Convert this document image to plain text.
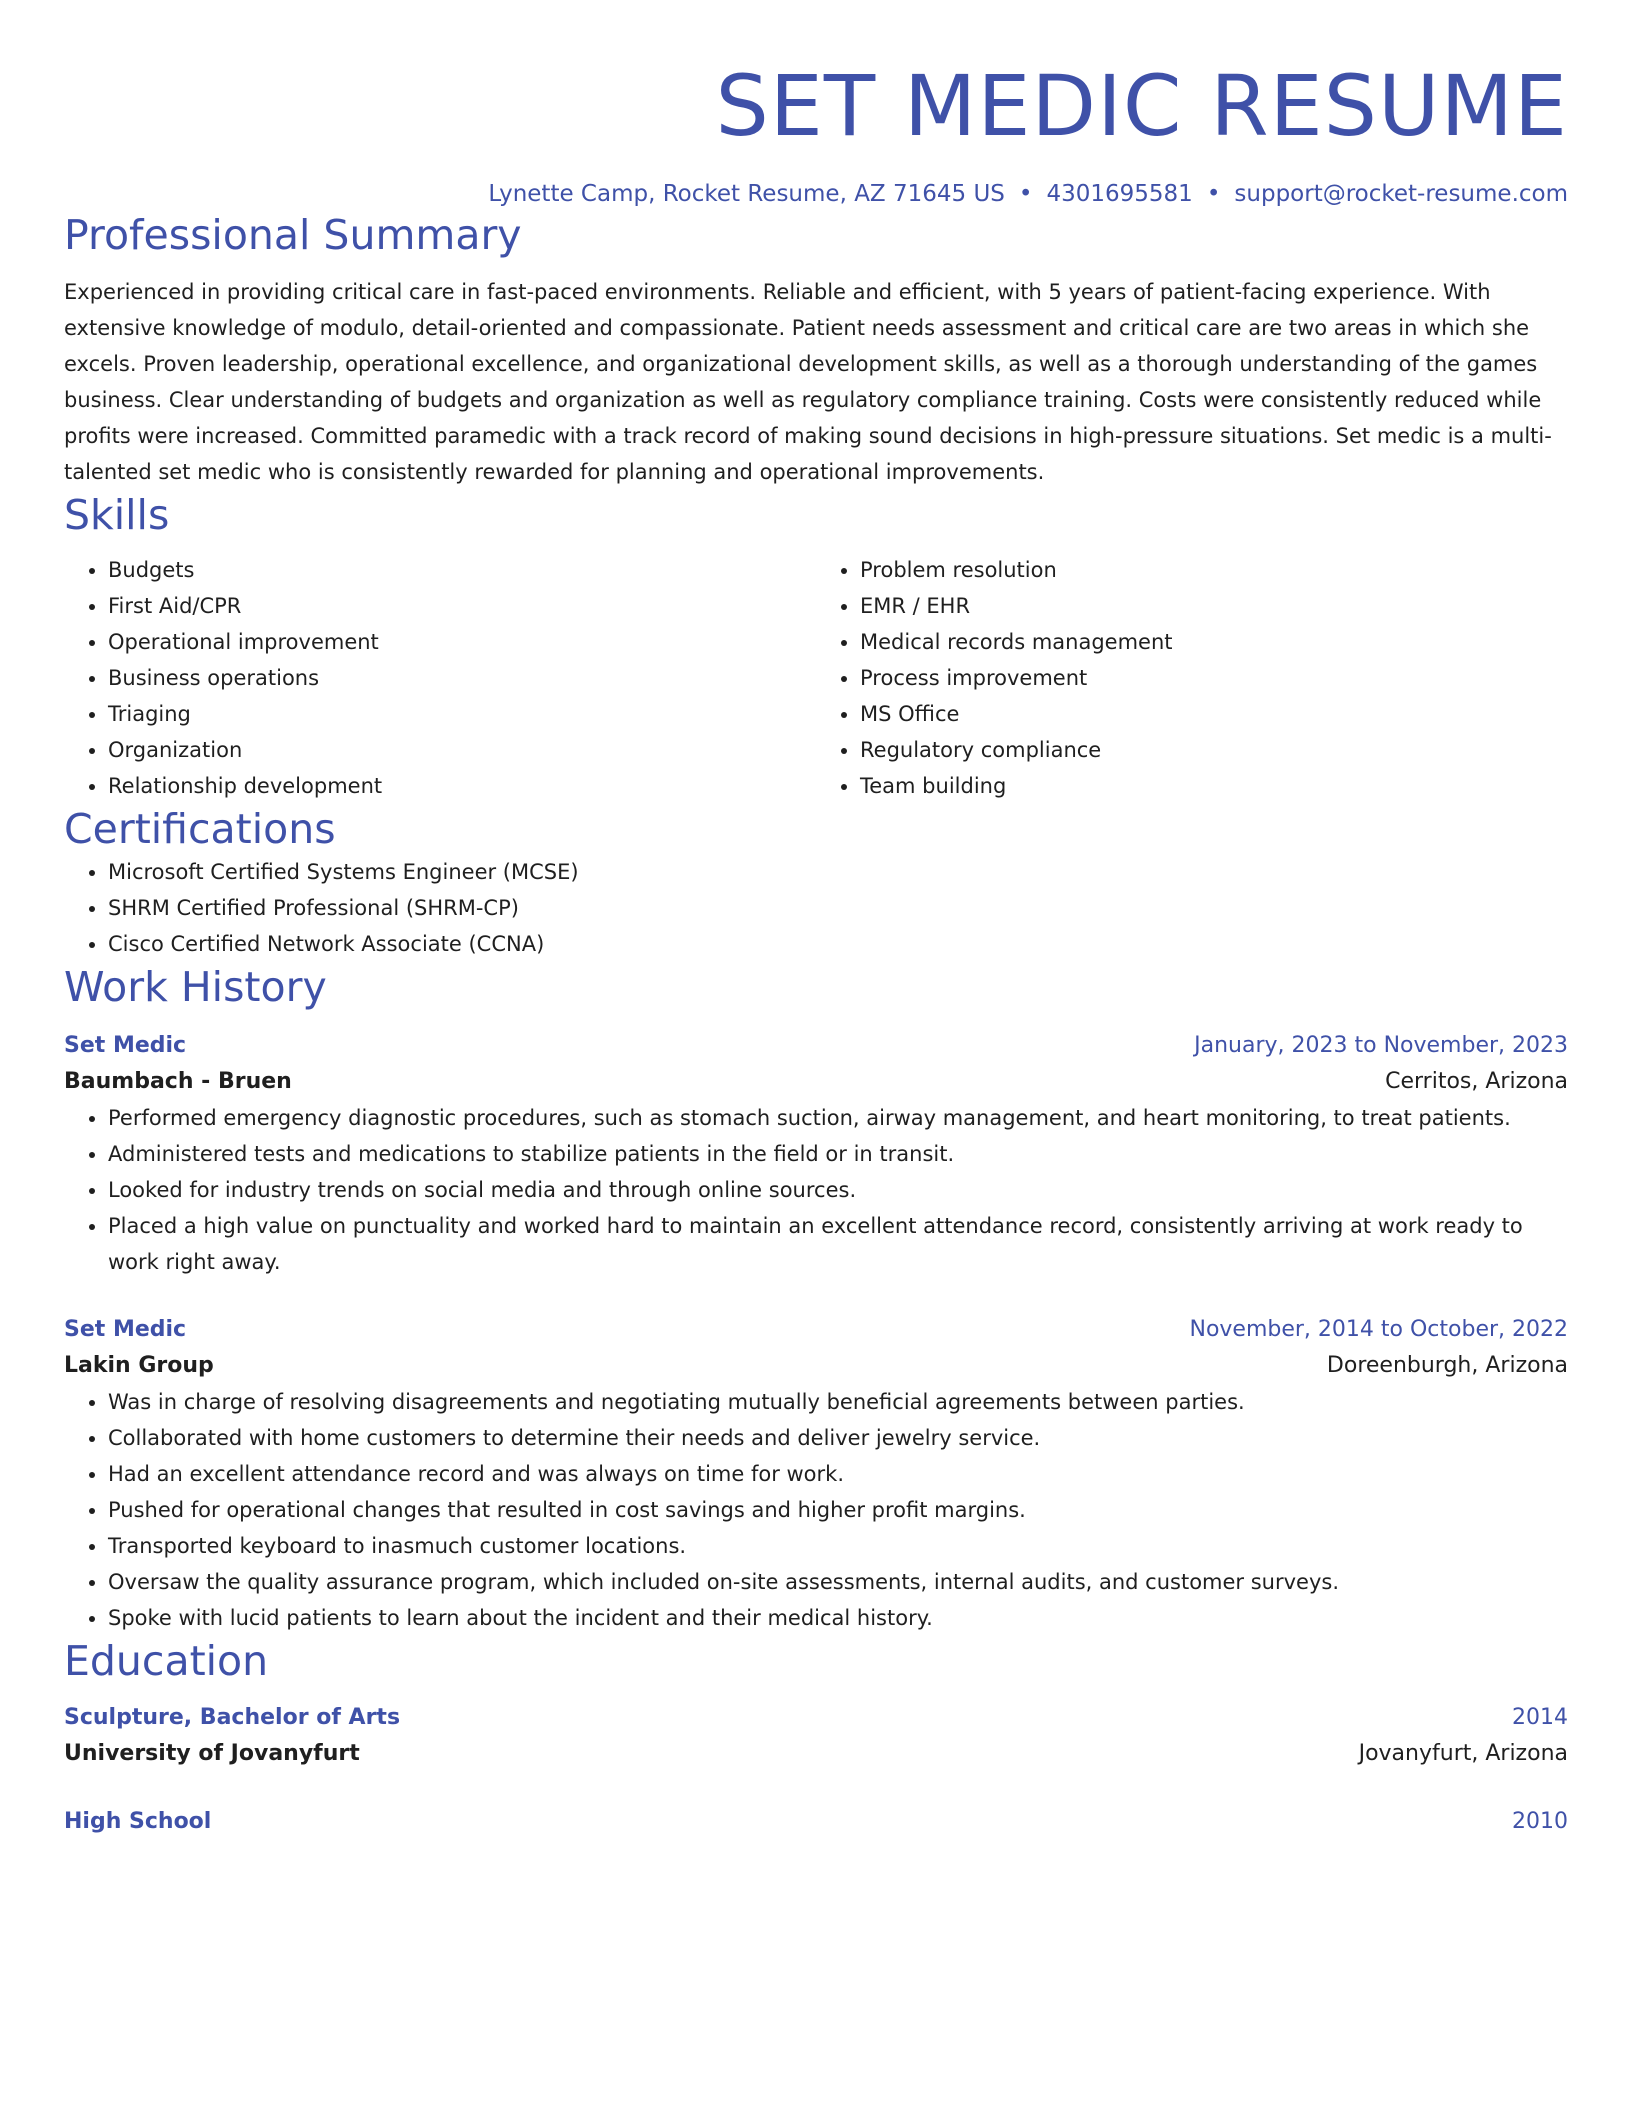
SET MEDIC RESUME
Lynette Camp, Rocket Resume, AZ 71645 US • 4301695581 • support@rocket-resume.com
Professional Summary

Experienced in providing critical care in fast-paced environments. Reliable and efficient, with 5 years of patient-facing experience. With extensive knowledge of modulo, detail-oriented and compassionate. Patient needs assessment and critical care are two areas in which she excels. Proven leadership, operational excellence, and organizational development skills, as well as a thorough understanding of the games business. Clear understanding of budgets and organization as well as regulatory compliance training. Costs were consistently reduced while profits were increased. Committed paramedic with a track record of making sound decisions in high-pressure situations. Set medic is a multi-talented set medic who is consistently rewarded for planning and operational improvements.

Skills
• Budgets
• First Aid/CPR
• Operational improvement
• Business operations
• Triaging
• Organization
• Relationship development
• Problem resolution
• EMR / EHR
• Medical records management
• Process improvement
• MS Office
• Regulatory compliance
• Team building
Certifications
• Microsoft Certified Systems Engineer (MCSE)
• SHRM Certified Professional (SHRM-CP)
• Cisco Certified Network Associate (CCNA)
Work History
Set Medic	January, 2023 to November, 2023
Baumbach - Bruen	Cerritos, Arizona
• Performed emergency diagnostic procedures, such as stomach suction, airway management, and heart monitoring, to treat patients.
• Administered tests and medications to stabilize patients in the field or in transit.
• Looked for industry trends on social media and through online sources.
• Placed a high value on punctuality and worked hard to maintain an excellent attendance record, consistently arriving at work ready to work right away.
Set Medic	November, 2014 to October, 2022
Lakin Group	Doreenburgh, Arizona
• Was in charge of resolving disagreements and negotiating mutually beneficial agreements between parties.
• Collaborated with home customers to determine their needs and deliver jewelry service.
• Had an excellent attendance record and was always on time for work.
• Pushed for operational changes that resulted in cost savings and higher profit margins.
• Transported keyboard to inasmuch customer locations.
• Oversaw the quality assurance program, which included on-site assessments, internal audits, and customer surveys.
• Spoke with lucid patients to learn about the incident and their medical history.
Education
Sculpture, Bachelor of Arts	2014
University of Jovanyfurt	Jovanyfurt, Arizona
High School	2010
